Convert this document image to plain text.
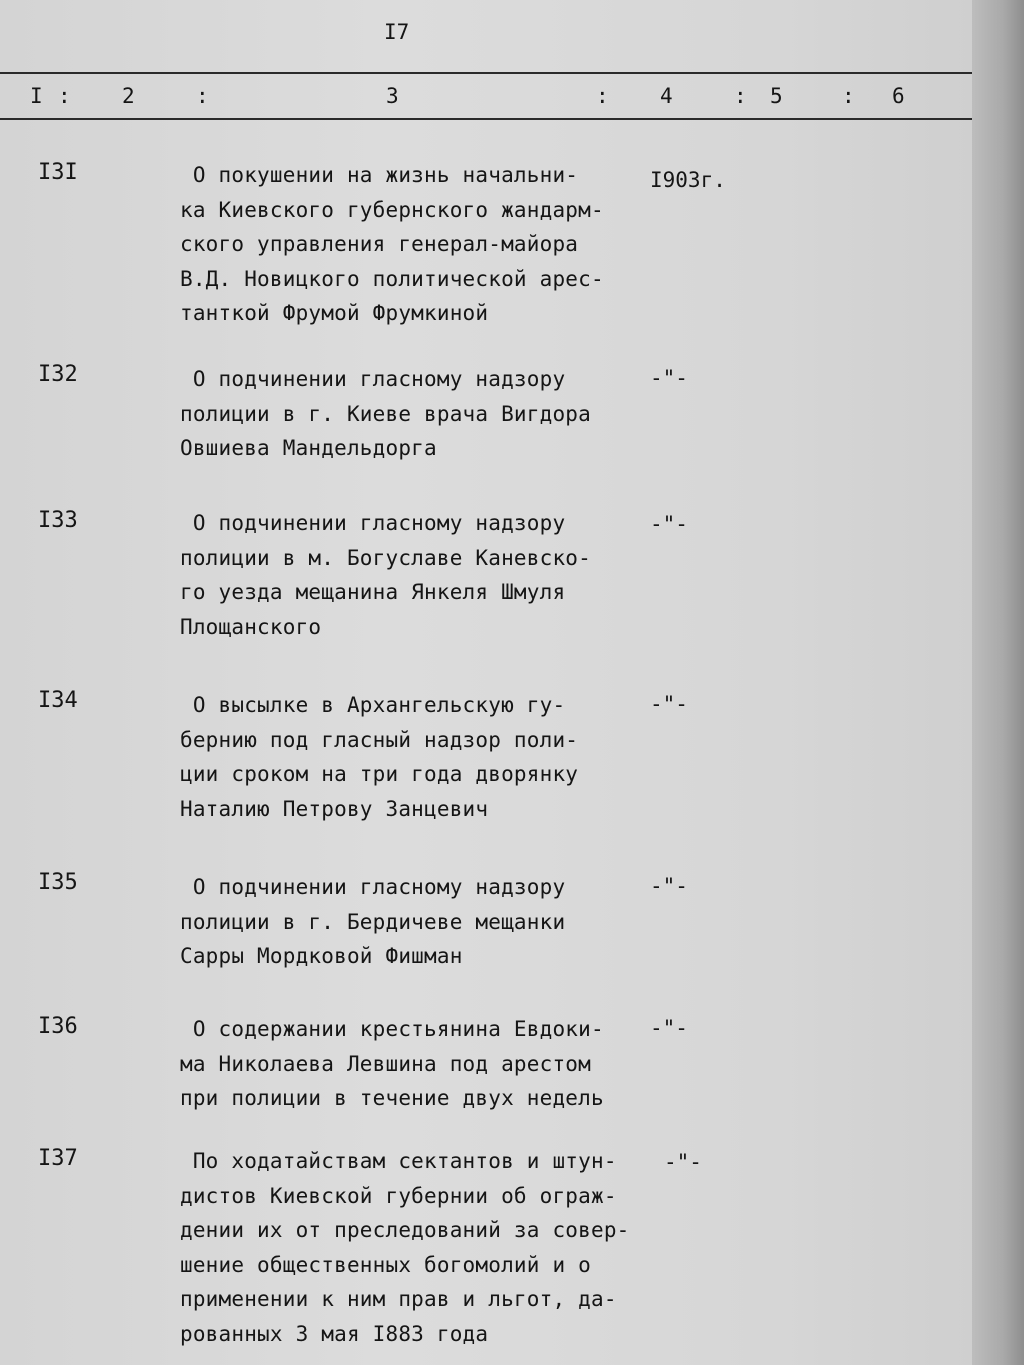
I7
I : 2	:	3	: 4	: 5	: 6
I3I	О покушении на жизнь начальни-
ка Киевского губернского жандарм-
ского управления генерал-майора
В.Д. Новицкого политической арес-
танткой Фрумой Фрумкиной
I903г.
I32	О подчинении гласному надзору
полиции в г. Киеве врача Вигдора
Овшиева Мандельдорга
-"-
I33	О подчинении гласному надзору
полиции в м. Богуславе Каневско-
го уезда мещанина Янкеля Шмуля
Площанского
-"-
I34	О высылке в Архангельскую гу-
бернию под гласный надзор поли-
ции сроком на три года дворянку
Наталию Петрову Занцевич
-"-
I35	О подчинении гласному надзору
полиции в г. Бердичеве мещанки
Сарры Мордковой Фишман
-"-
I36	О содержании крестьянина Евдоки-
ма Николаева Левшина под арестом
при полиции в течение двух недель
-"-
I37	По ходатайствам сектантов и штун-
дистов Киевской губернии об ограж-
дении их от преследований за совер-
шение общественных богомолий и о
применении к ним прав и льгот, да-
рованных 3 мая I883 года
-"-
